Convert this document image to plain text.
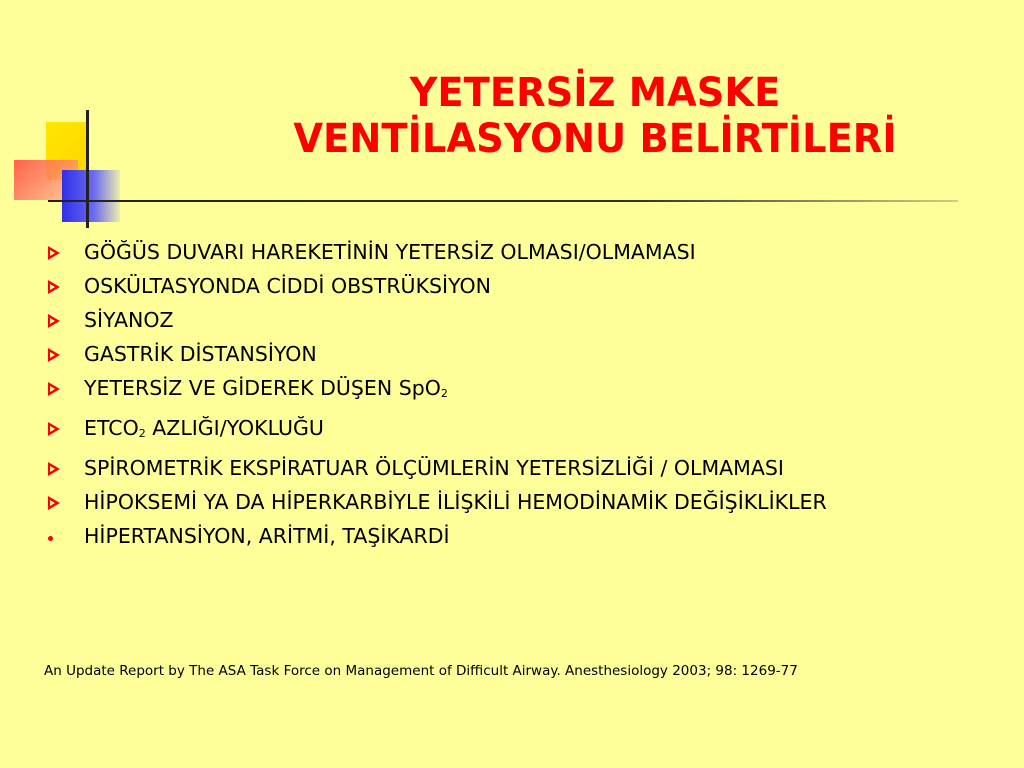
YETERSİZ MASKE
VENTİLASYONU BELİRTİLERİ
GÖĞÜS DUVARI HAREKETİNİN YETERSİZ OLMASI/OLMAMASI
OSKÜLTASYONDA CİDDİ OBSTRÜKSİYON
SİYANOZ
GASTRİK DİSTANSİYON
YETERSİZ VE GİDEREK DÜŞEN SpO2
ETCO2 AZLIĞI/YOKLUĞU
SPİROMETRİK EKSPİRATUAR ÖLÇÜMLERİN YETERSİZLİĞİ / OLMAMASI
HİPOKSEMİ YA DA HİPERKARBİYLE İLİŞKİLİ HEMODİNAMİK DEĞİŞİKLİKLER
HİPERTANSİYON, ARİTMİ, TAŞİKARDİ
An Update Report by The ASA Task Force on Management of Difficult Airway. Anesthesiology 2003; 98: 1269-77
